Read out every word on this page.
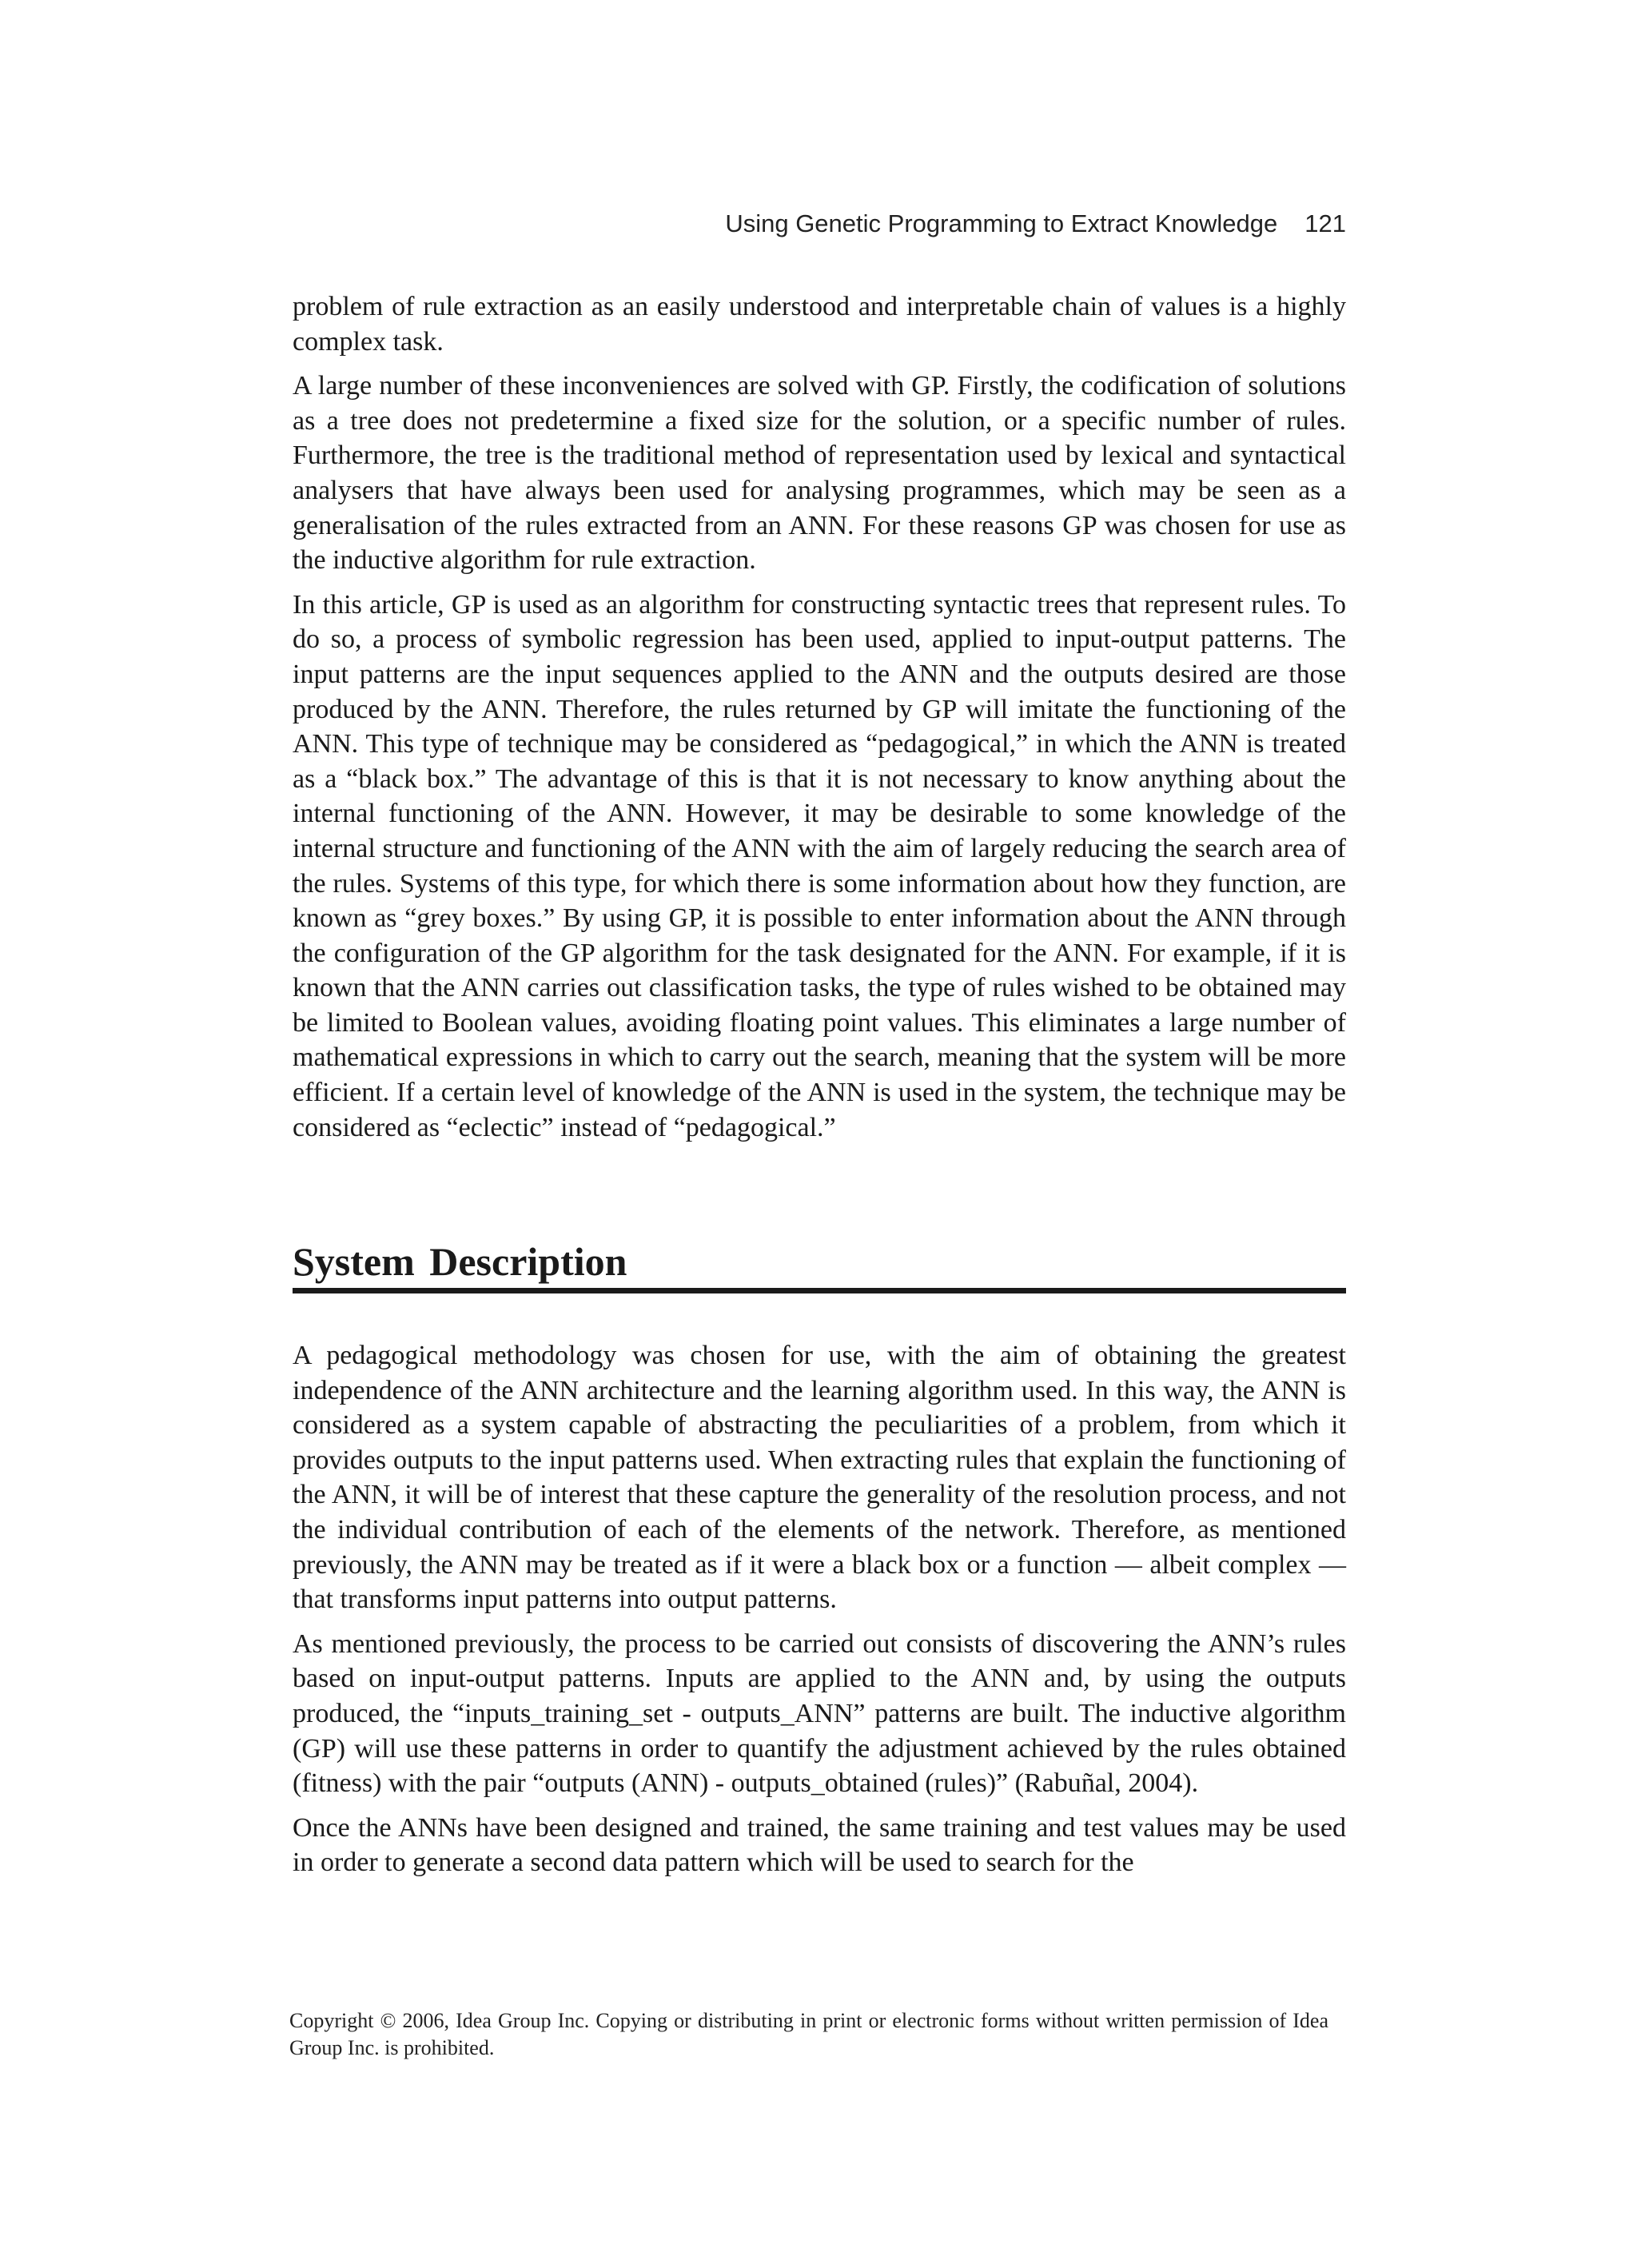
Using Genetic Programming to Extract Knowledge 121

problem of rule extraction as an easily understood and interpretable chain of values is a highly complex task.

A large number of these inconveniences are solved with GP. Firstly, the codification of solutions as a tree does not predetermine a fixed size for the solution, or a specific number of rules. Furthermore, the tree is the traditional method of representation used by lexical and syntactical analysers that have always been used for analysing programmes, which may be seen as a generalisation of the rules extracted from an ANN. For these reasons GP was chosen for use as the inductive algorithm for rule extraction.

In this article, GP is used as an algorithm for constructing syntactic trees that represent rules. To do so, a process of symbolic regression has been used, applied to input-output patterns. The input patterns are the input sequences applied to the ANN and the outputs desired are those produced by the ANN. Therefore, the rules returned by GP will imitate the functioning of the ANN. This type of technique may be considered as “pedagogical,” in which the ANN is treated as a “black box.” The advantage of this is that it is not necessary to know anything about the internal functioning of the ANN. However, it may be desirable to some knowledge of the internal structure and functioning of the ANN with the aim of largely reducing the search area of the rules. Systems of this type, for which there is some information about how they function, are known as “grey boxes.” By using GP, it is possible to enter information about the ANN through the configuration of the GP algorithm for the task designated for the ANN. For example, if it is known that the ANN carries out classification tasks, the type of rules wished to be obtained may be limited to Boolean values, avoiding floating point values. This eliminates a large number of mathematical expressions in which to carry out the search, meaning that the system will be more efficient. If a certain level of knowledge of the ANN is used in the system, the technique may be considered as “eclectic” instead of “pedagogical.”

System Description

A pedagogical methodology was chosen for use, with the aim of obtaining the greatest independence of the ANN architecture and the learning algorithm used. In this way, the ANN is considered as a system capable of abstracting the peculiarities of a problem, from which it provides outputs to the input patterns used. When extracting rules that explain the functioning of the ANN, it will be of interest that these capture the generality of the resolution process, and not the individual contribution of each of the elements of the network. Therefore, as mentioned previously, the ANN may be treated as if it were a black box or a function — albeit complex — that transforms input patterns into output patterns.

As mentioned previously, the process to be carried out consists of discovering the ANN’s rules based on input-output patterns. Inputs are applied to the ANN and, by using the outputs produced, the “inputs_training_set - outputs_ANN” patterns are built. The inductive algorithm (GP) will use these patterns in order to quantify the adjustment achieved by the rules obtained (fitness) with the pair “outputs (ANN) - outputs_obtained (rules)” (Rabuñal, 2004).

Once the ANNs have been designed and trained, the same training and test values may be used in order to generate a second data pattern which will be used to search for the

Copyright © 2006, Idea Group Inc. Copying or distributing in print or electronic forms without written permission of Idea Group Inc. is prohibited.
